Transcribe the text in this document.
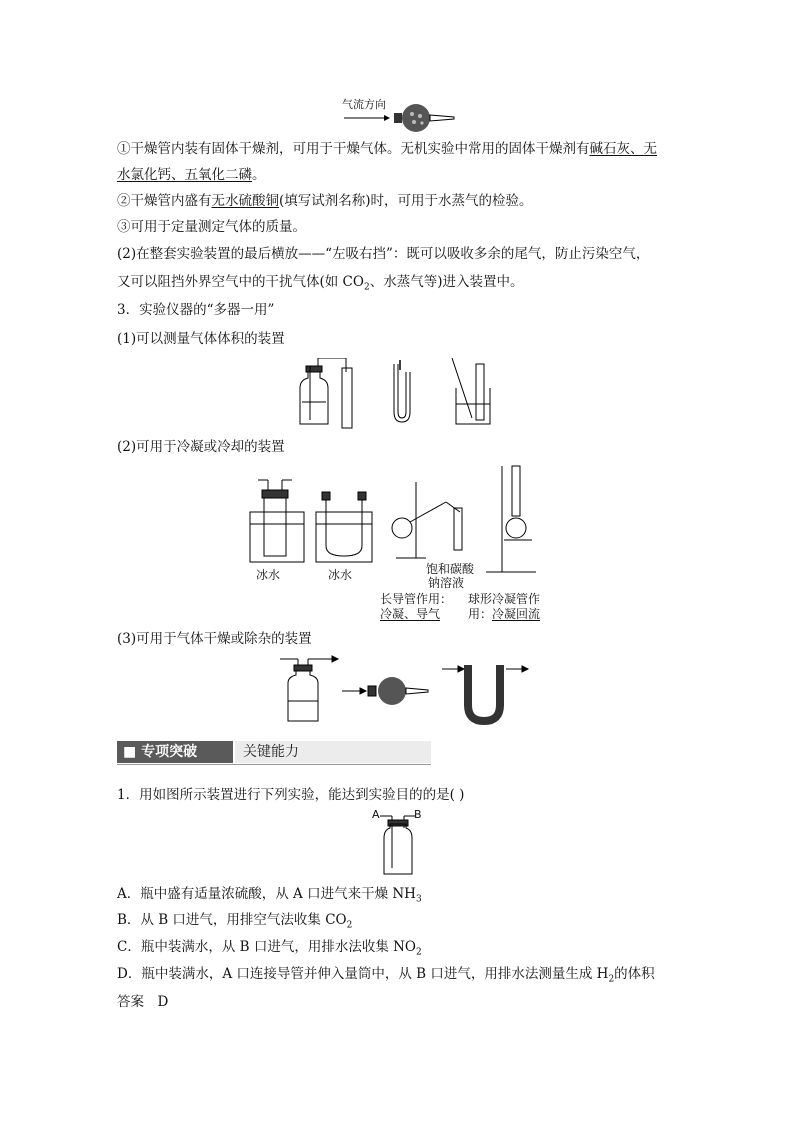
气流方向
①干燥管内装有固体干燥剂，可用于干燥气体。无机实验中常用的固体干燥剂有碱石灰、无
水氯化钙、五氧化二磷。
②干燥管内盛有无水硫酸铜(填写试剂名称)时，可用于水蒸气的检验。
③可用于定量测定气体的质量。
(2)在整套实验装置的最后横放——“左吸右挡”：既可以吸收多余的尾气，防止污染空气，
又可以阻挡外界空气中的干扰气体(如 $CO_2$、水蒸气等)进入装置中。
3．实验仪器的“多器一用”
(1)可以测量气体体积的装置
(2)可用于冷凝或冷却的装置
冰水	冰水	饱和碳酸
钠溶液
长导管作用：
冷凝、导气
球形冷凝管作
用：冷凝回流
(3)可用于气体干燥或除杂的装置
■ 专项突破	关键能力
1．用如图所示装置进行下列实验，能达到实验目的的是( )
A	B
A．瓶中盛有适量浓硫酸，从 A 口进气来干燥 $NH_3$
B．从 B 口进气，用排空气法收集 $CO_2$
C．瓶中装满水，从 B 口进气，用排水法收集 $NO_2$
D．瓶中装满水，A 口连接导管并伸入量筒中，从 B 口进气，用排水法测量生成 $H_2$的体积
答案　D
